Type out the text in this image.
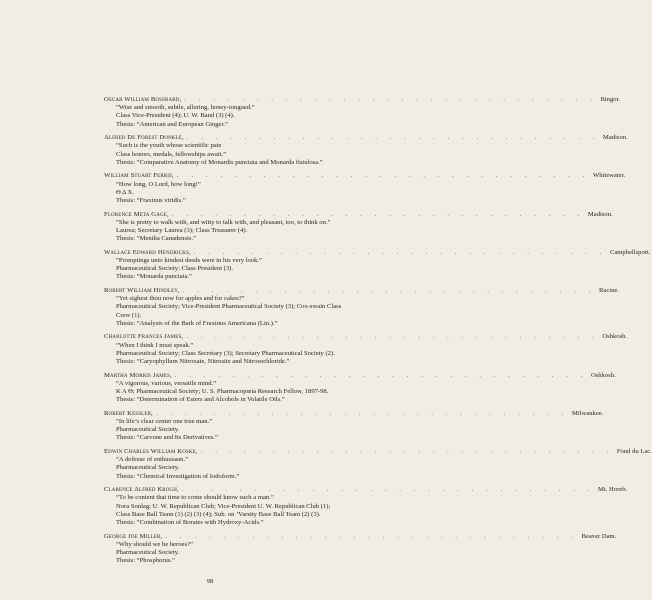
Oscar William Bossbard, . . . . . . . . . . . . . . . . . . . . . . . . . . . . . Bingor.
“Wise and smooth, subtle, alluring, honey-tongued.”
Class Vice-President (4); U. W. Band (3) (4).
Thesis: “American and European Ginger.”
Alfred De Forest Donkle, . . . . . . . . . . . . . . . . . . . . . . . . . . . . . Madison.
“Such is the youth whose scientific pate
Class honors, medals, fellowships await.”
Thesis: “Comparative Anatomy of Monardis punctata and Monarda fistulosa.”
William Stuart Ferris, . . . . . . . . . . . . . . . . . . . . . . . . . . . . . Whitewater.
“How long, O Lord, how long!”
Θ Δ Χ.
Thesis: “Fraxinus viridis.”
Florence Meta Gage, . . . . . . . . . . . . . . . . . . . . . . . . . . . . . Madison.
“She is pretty to walk with, and witty to talk with, and pleasant, too, to think on.”
Laurea; Secretary Laurea (3); Class Treasurer (4).
Thesis: “Mentha Canadensis.”
Wallace Edward Hendricks, . . . . . . . . . . . . . . . . . . . . . . . . . . . . . Campbellsport.
“Promptings unto kindest deeds were in his very look.”
Pharmaceutical Society; Class President (3).
Thesis: “Monarda punctata.”
Robert William Hindley, . . . . . . . . . . . . . . . . . . . . . . . . . . . . . Racine.
“Yet sighest thou now for apples and for cakes?”
Pharmaceutical Society; Vice-President Pharmaceutical Society (3); Cox-swain Class Crew (1).
Thesis: “Analysis of the Bark of Fraxinus Americana (Lin.).”
Charlotte Frances James, . . . . . . . . . . . . . . . . . . . . . . . . . . . . . Oshkosh.
“When I think I must speak.”
Pharmaceutical Society; Class Secretary (3); Secretary Pharmaceutical Society (2).
Thesis: “Caryophyllum Nitroxate, Nitrosite and Nitrosochloride.”
Martha Morris James, . . . . . . . . . . . . . . . . . . . . . . . . . . . . . Oshkosh.
“A vigorous, various, versatile mind.”
Κ Α Θ; Pharmaceutical Society; U. S. Pharmacopœia Research Fellow, 1897-98.
Thesis: “Determination of Esters and Alcohols in Volatile Oils.”
Robert Kessler, . . . . . . . . . . . . . . . . . . . . . . . . . . . . . Milwaukee.
“In life’s clear center one true man.”
Pharmaceutical Society.
Thesis: “Carvone and Its Derivatives.”
Edwin Charles William Koske, . . . . . . . . . . . . . . . . . . . . . . . . . . . . . Fond du Lac.
“A defense of enthusiasm.”
Pharmaceutical Society.
Thesis: “Chemical Investigation of Iodoform.”
Clarence Alfred Krogh, . . . . . . . . . . . . . . . . . . . . . . . . . . . . . Mt. Horeb.
“To be content that time to come should know such a man.”
Nora Sonlag; U. W. Republican Club; Vice-President U. W. Republican Club (1); Class Base Ball Team (1) (2) (3) (4); Sub. on ’Varsity Base Ball Team (2) (3).
Thesis: “Combination of Borates with Hydroxy-Acids.”
George Joe Miller, . . . . . . . . . . . . . . . . . . . . . . . . . . . . . Beaver Dam.
“Why should we be heroes?”
Pharmaceutical Society.
Thesis: “Phosphorus.”
98
